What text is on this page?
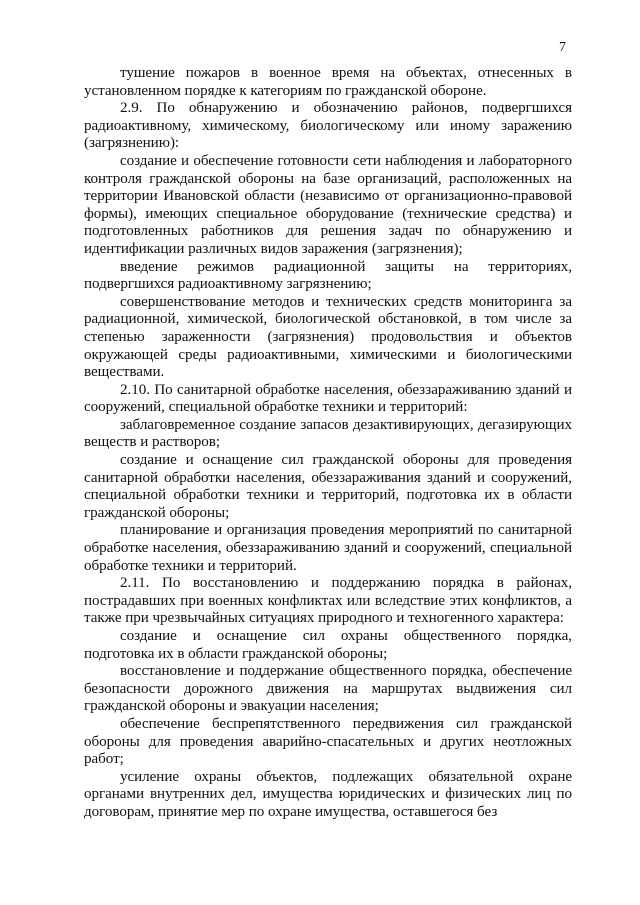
7

тушение пожаров в военное время на объектах, отнесенных в установленном порядке к категориям по гражданской обороне.

2.9. По обнаружению и обозначению районов, подвергшихся радиоактивному, химическому, биологическому или иному заражению (загрязнению):

создание и обеспечение готовности сети наблюдения и лабораторного контроля гражданской обороны на базе организаций, расположенных на территории Ивановской области (независимо от организационно-правовой формы), имеющих специальное оборудование (технические средства) и подготовленных работников для решения задач по обнаружению и идентификации различных видов заражения (загрязнения);

введение режимов радиационной защиты на территориях, подвергшихся радиоактивному загрязнению;

совершенствование методов и технических средств мониторинга за радиационной, химической, биологической обстановкой, в том числе за степенью зараженности (загрязнения) продовольствия и объектов окружающей среды радиоактивными, химическими и биологическими веществами.

2.10. По санитарной обработке населения, обеззараживанию зданий и сооружений, специальной обработке техники и территорий:

заблаговременное создание запасов дезактивирующих, дегазирующих веществ и растворов;

создание и оснащение сил гражданской обороны для проведения санитарной обработки населения, обеззараживания зданий и сооружений, специальной обработки техники и территорий, подготовка их в области гражданской обороны;

планирование и организация проведения мероприятий по санитарной обработке населения, обеззараживанию зданий и сооружений, специальной обработке техники и территорий.

2.11. По восстановлению и поддержанию порядка в районах, пострадавших при военных конфликтах или вследствие этих конфликтов, а также при чрезвычайных ситуациях природного и техногенного характера:

создание и оснащение сил охраны общественного порядка, подготовка их в области гражданской обороны;

восстановление и поддержание общественного порядка, обеспечение безопасности дорожного движения на маршрутах выдвижения сил гражданской обороны и эвакуации населения;

обеспечение беспрепятственного передвижения сил гражданской обороны для проведения аварийно-спасательных и других неотложных работ;

усиление охраны объектов, подлежащих обязательной охране органами внутренних дел, имущества юридических и физических лиц по договорам, принятие мер по охране имущества, оставшегося без
